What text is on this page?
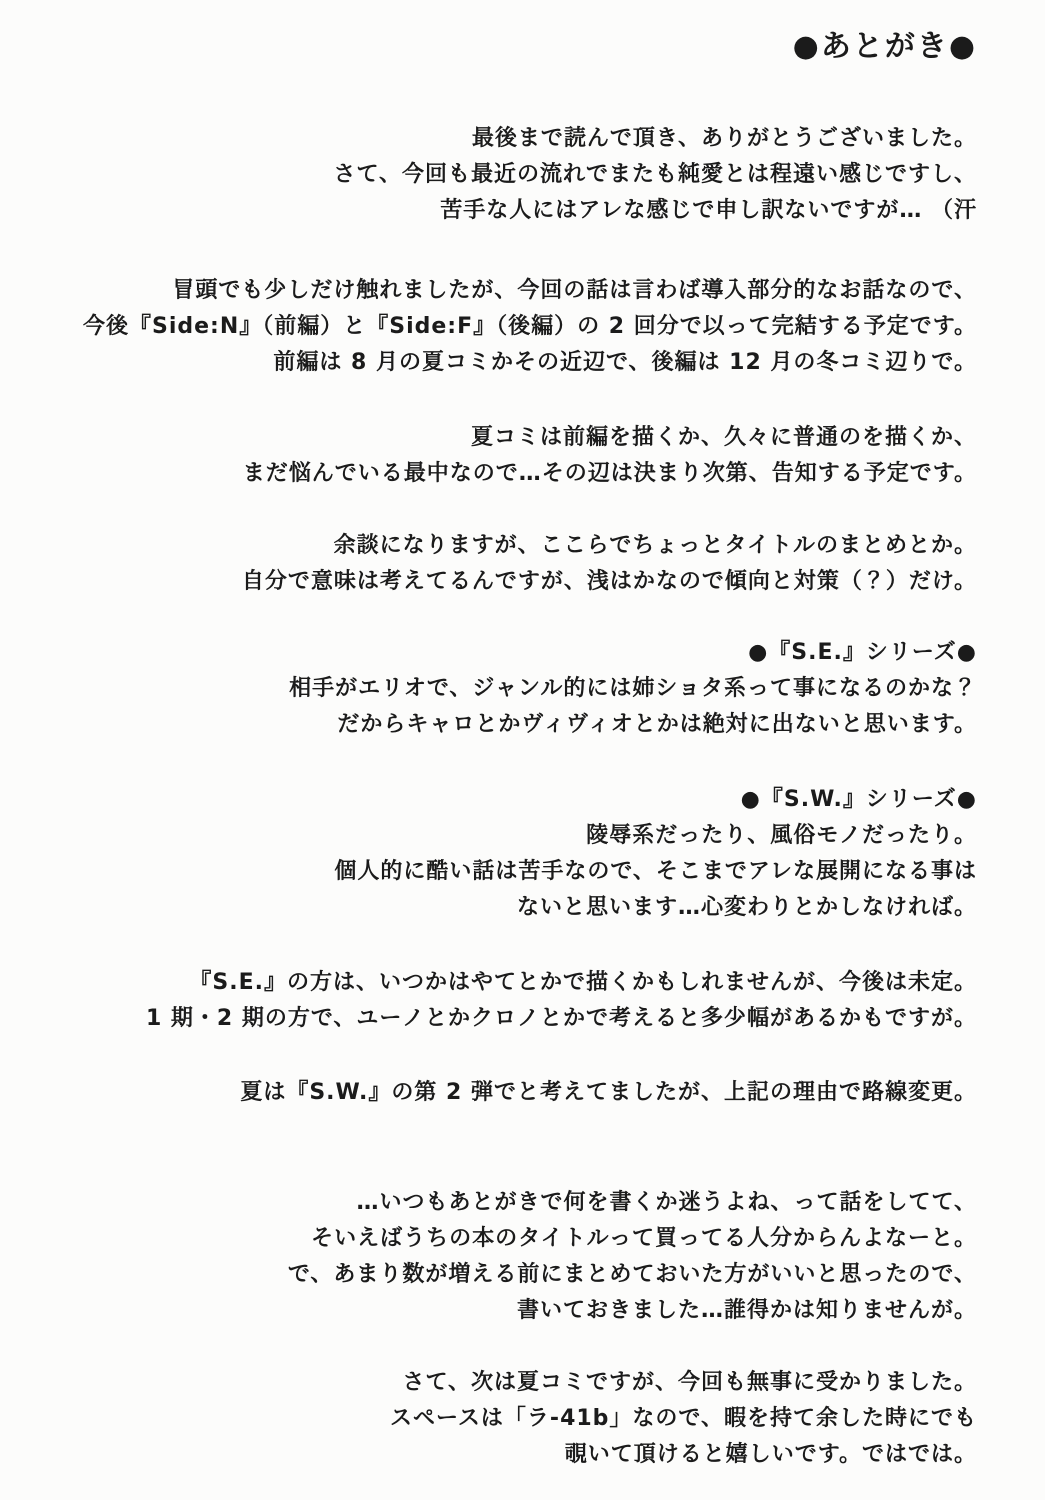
●あとがき●
最後まで読んで頂き、ありがとうございました。
さて、今回も最近の流れでまたも純愛とは程遠い感じですし、
苦手な人にはアレな感じで申し訳ないですが… （汗
冒頭でも少しだけ触れましたが、今回の話は言わば導入部分的なお話なので、
今後『Side:N』（前編）と『Side:F』（後編）の 2 回分で以って完結する予定です。
前編は 8 月の夏コミかその近辺で、後編は 12 月の冬コミ辺りで。
夏コミは前編を描くか、久々に普通のを描くか、
まだ悩んでいる最中なので…その辺は決まり次第、告知する予定です。
余談になりますが、ここらでちょっとタイトルのまとめとか。
自分で意味は考えてるんですが、浅はかなので傾向と対策（？）だけ。
●『S.E.』シリーズ●
相手がエリオで、ジャンル的には姉ショタ系って事になるのかな？
だからキャロとかヴィヴィオとかは絶対に出ないと思います。
●『S.W.』シリーズ●
陵辱系だったり、風俗モノだったり。
個人的に酷い話は苦手なので、そこまでアレな展開になる事は
ないと思います…心変わりとかしなければ。
『S.E.』の方は、いつかはやてとかで描くかもしれませんが、今後は未定。
1 期・2 期の方で、ユーノとかクロノとかで考えると多少幅があるかもですが。
夏は『S.W.』の第 2 弾でと考えてましたが、上記の理由で路線変更。
…いつもあとがきで何を書くか迷うよね、って話をしてて、
そいえばうちの本のタイトルって買ってる人分からんよなーと。
で、あまり数が増える前にまとめておいた方がいいと思ったので、
書いておきました…誰得かは知りませんが。
さて、次は夏コミですが、今回も無事に受かりました。
スペースは「ラ-41b」なので、暇を持て余した時にでも
覗いて頂けると嬉しいです。ではでは。
